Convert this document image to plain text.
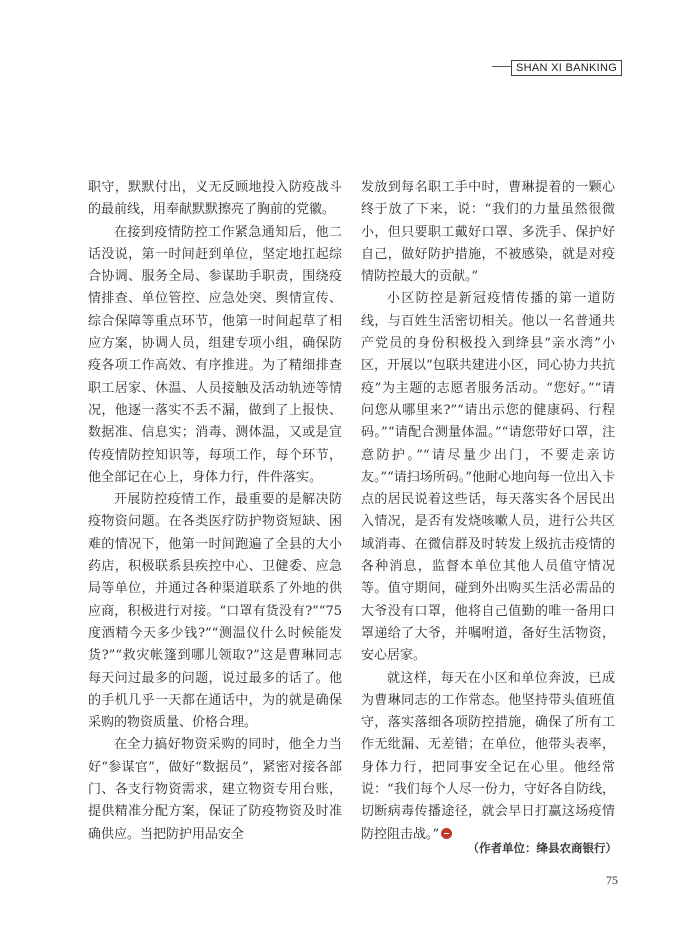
SHAN XI BANKING

职守，默默付出，义无反顾地投入防疫战斗的最前线，用奉献默默擦亮了胸前的党徽。

在接到疫情防控工作紧急通知后，他二话没说，第一时间赶到单位，坚定地扛起综合协调、服务全局、参谋助手职责，围绕疫情排查、单位管控、应急处突、舆情宣传、综合保障等重点环节，他第一时间起草了相应方案，协调人员，组建专项小组，确保防疫各项工作高效、有序推进。为了精细排查职工居家、休温、人员接触及活动轨迹等情况，他逐一落实不丢不漏，做到了上报快、数据准、信息实；消毒、测体温，又或是宣传疫情防控知识等，每项工作，每个环节，他全部记在心上，身体力行，件件落实。

开展防控疫情工作，最重要的是解决防疫物资问题。在各类医疗防护物资短缺、困难的情况下，他第一时间跑遍了全县的大小药店，积极联系县疾控中心、卫健委、应急局等单位，并通过各种渠道联系了外地的供应商，积极进行对接。“口罩有货没有?”“75度酒精今天多少钱?”“测温仪什么时候能发货?”“救灾帐篷到哪儿领取?”这是曹琳同志每天问过最多的问题，说过最多的话了。他的手机几乎一天都在通话中，为的就是确保采购的物资质量、价格合理。

在全力搞好物资采购的同时，他全力当好“参谋官”，做好“数据员”，紧密对接各部门、各支行物资需求，建立物资专用台账，提供精准分配方案，保证了防疫物资及时准确供应。当把防护用品安全

发放到每名职工手中时，曹琳提着的一颗心终于放了下来，说：“我们的力量虽然很微小，但只要职工戴好口罩、多洗手、保护好自己，做好防护措施，不被感染，就是对疫情防控最大的贡献。”

小区防控是新冠疫情传播的第一道防线，与百姓生活密切相关。他以一名普通共产党员的身份积极投入到绛县“亲水湾”小区，开展以“包联共建进小区，同心协力共抗疫”为主题的志愿者服务活动。“您好。”“请问您从哪里来?”“请出示您的健康码、行程码。”“请配合测量体温。”“请您带好口罩，注意防护。”“请尽量少出门，不要走亲访友。”“请扫场所码。”他耐心地向每一位出入卡点的居民说着这些话，每天落实各个居民出入情况，是否有发烧咳嗽人员，进行公共区域消毒、在微信群及时转发上级抗击疫情的各种消息，监督本单位其他人员值守情况等。值守期间，碰到外出购买生活必需品的大爷没有口罩，他将自己值勤的唯一备用口罩递给了大爷，并嘱咐道，备好生活物资，安心居家。

就这样，每天在小区和单位奔波，已成为曹琳同志的工作常态。他坚持带头值班值守，落实落细各项防控措施，确保了所有工作无纰漏、无差错；在单位，他带头表率，身体力行，把同事安全记在心里。他经常说：“我们每个人尽一份力，守好各自防线，切断病毒传播途径，就会早日打赢这场疫情防控阻击战。”

（作者单位：绛县农商银行）
75
